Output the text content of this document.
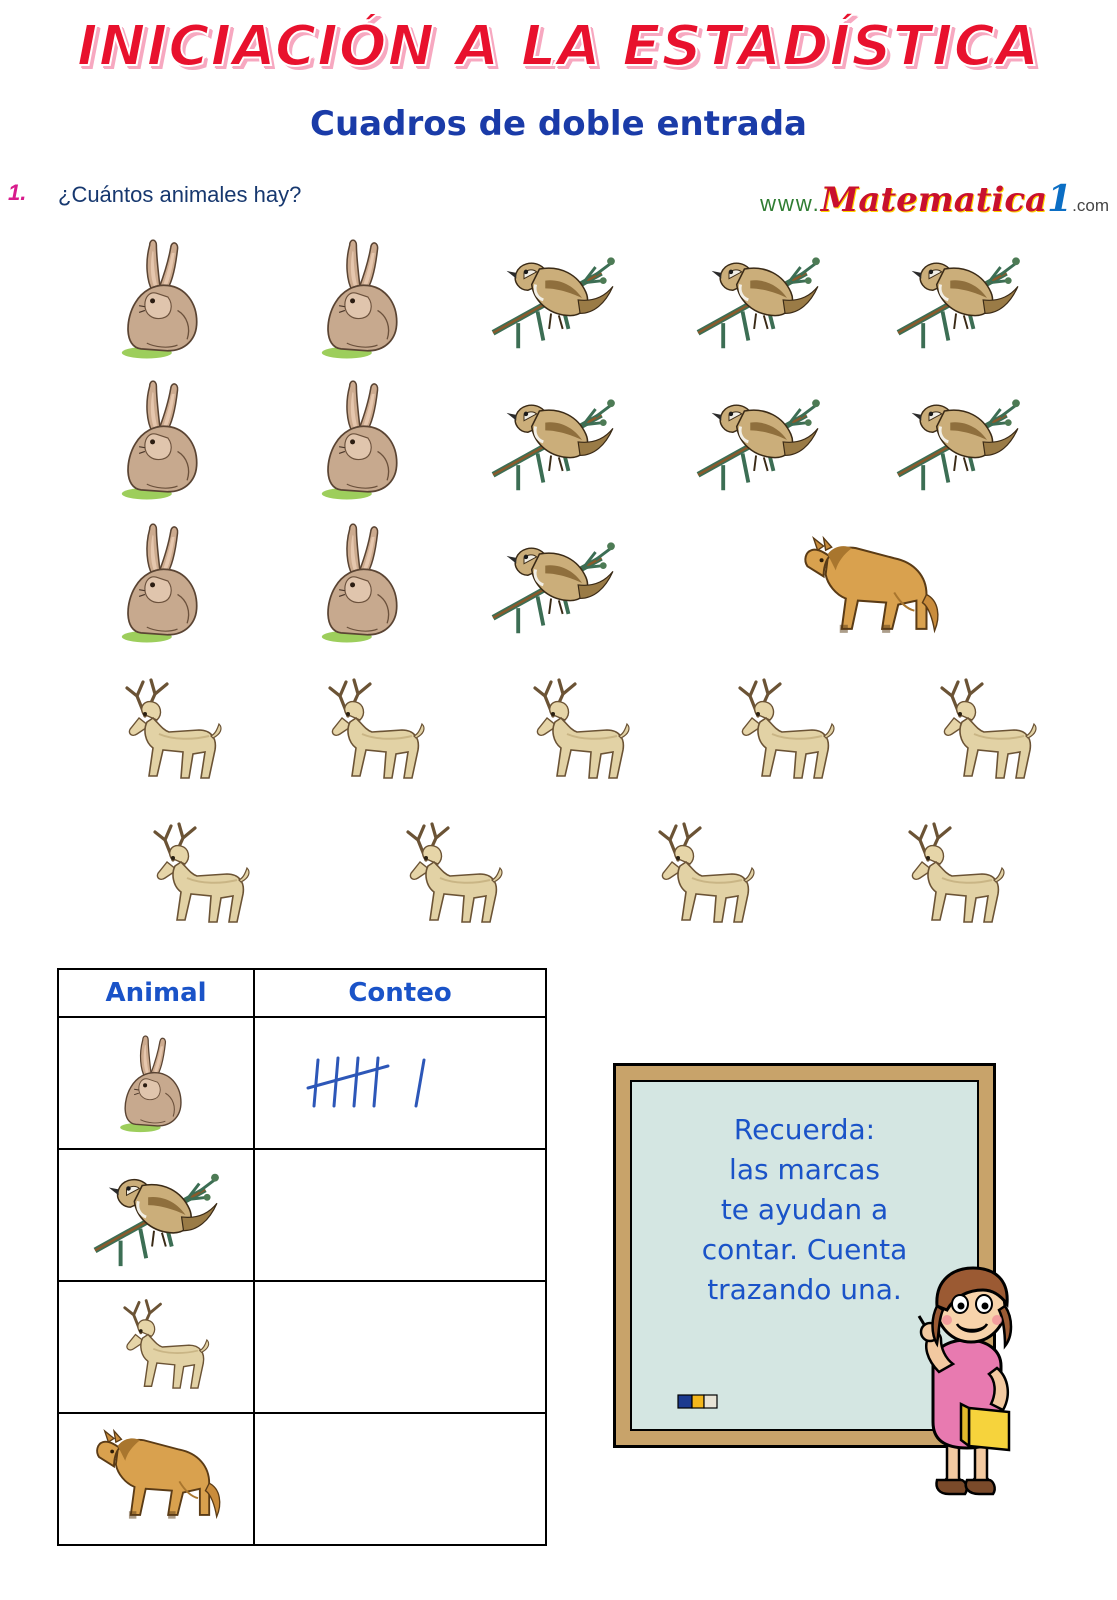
INICIACIÓN A LA ESTADÍSTICA
Cuadros de doble entrada
1. ¿Cuántos animales hay?	www.Matematica1.com
Animal	Conteo

Recuerda:
las marcas
te ayudan a
contar. Cuenta
trazando una.
